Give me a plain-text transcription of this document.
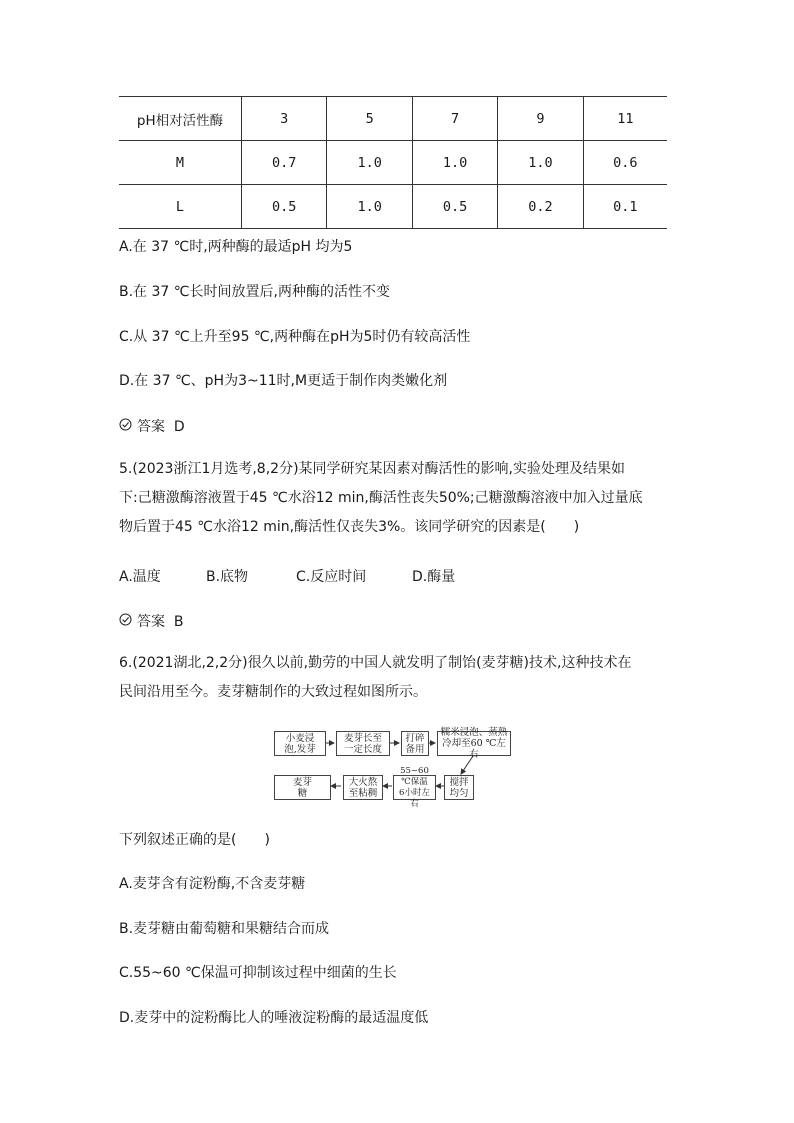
pH相对活性酶	3	5	7	9	11
M	0.7	1.0	1.0	1.0	0.6
L	0.5	1.0	0.5	0.2	0.1
A.在 37 ℃时,两种酶的最适pH 均为5
B.在 37 ℃长时间放置后,两种酶的活性不变
C.从 37 ℃上升至95 ℃,两种酶在pH为5时仍有较高活性
D.在 37 ℃、pH为3~11时,M更适于制作肉类嫩化剂
答案 D
5.(2023浙江1月选考,8,2分)某同学研究某因素对酶活性的影响,实验处理及结果如
下:己糖激酶溶液置于45 ℃水浴12 min,酶活性丧失50%;己糖激酶溶液中加入过量底
物后置于45 ℃水浴12 min,酶活性仅丧失3%。该同学研究的因素是(　　)
A.温度	B.底物	C.反应时间	D.酶量
答案 B
6.(2021湖北,2,2分)很久以前,勤劳的中国人就发明了制饴(麦芽糖)技术,这种技术在
民间沿用至今。麦芽糖制作的大致过程如图所示。
小麦浸
泡,发芽
麦芽长至
一定长度
打碎
备用
糯米浸泡、蒸熟
冷却至60 ℃左右
搅拌
均匀
55~60 ℃保温
6小时左右
大火熬
至粘稠
麦芽
糖
下列叙述正确的是(　　)
A.麦芽含有淀粉酶,不含麦芽糖
B.麦芽糖由葡萄糖和果糖结合而成
C.55~60 ℃保温可抑制该过程中细菌的生长
D.麦芽中的淀粉酶比人的唾液淀粉酶的最适温度低
